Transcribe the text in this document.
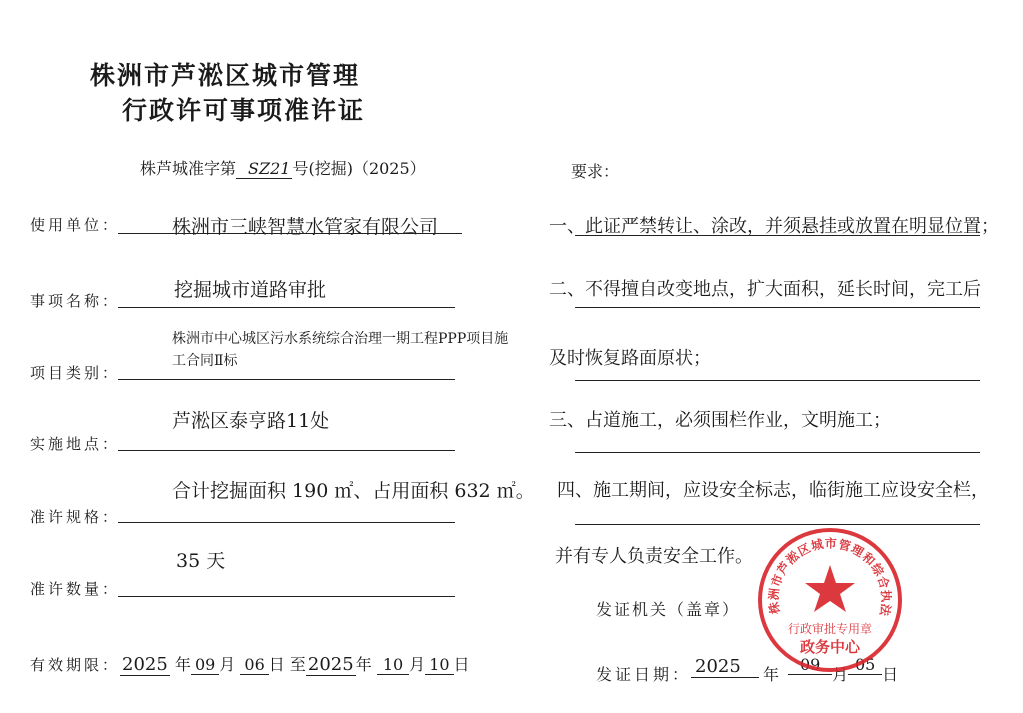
株洲市芦淞区城市管理
行政许可事项准许证
株芦城准字第 SZ21 号(挖掘)（2025）
使用单位：	株洲市三峡智慧水管家有限公司
事项名称：	挖掘城市道路审批
项目类别：
株洲市中心城区污水系统综合治理一期工程PPP项目施工合同Ⅱ标
实施地点：
芦淞区泰亨路11处
准许规格：
合计挖掘面积 190 ㎡、占用面积 632 ㎡。
准许数量：
35 天
有效期限： 2025 年 09 月 06 日 至 2025 年 10 月 10 日
要求：
一、此证严禁转让、涂改，并须悬挂或放置在明显位置；
二、不得擅自改变地点，扩大面积，延长时间，完工后
及时恢复路面原状；
三、占道施工，必须围栏作业，文明施工；
四、施工期间，应设安全标志，临街施工应设安全栏，
并有专人负责安全工作。
发证机关（盖章）
发证日期： 2025 年 09月05日
株洲市芦淞区城市管理和综合执法
行政审批专用章
政务中心
